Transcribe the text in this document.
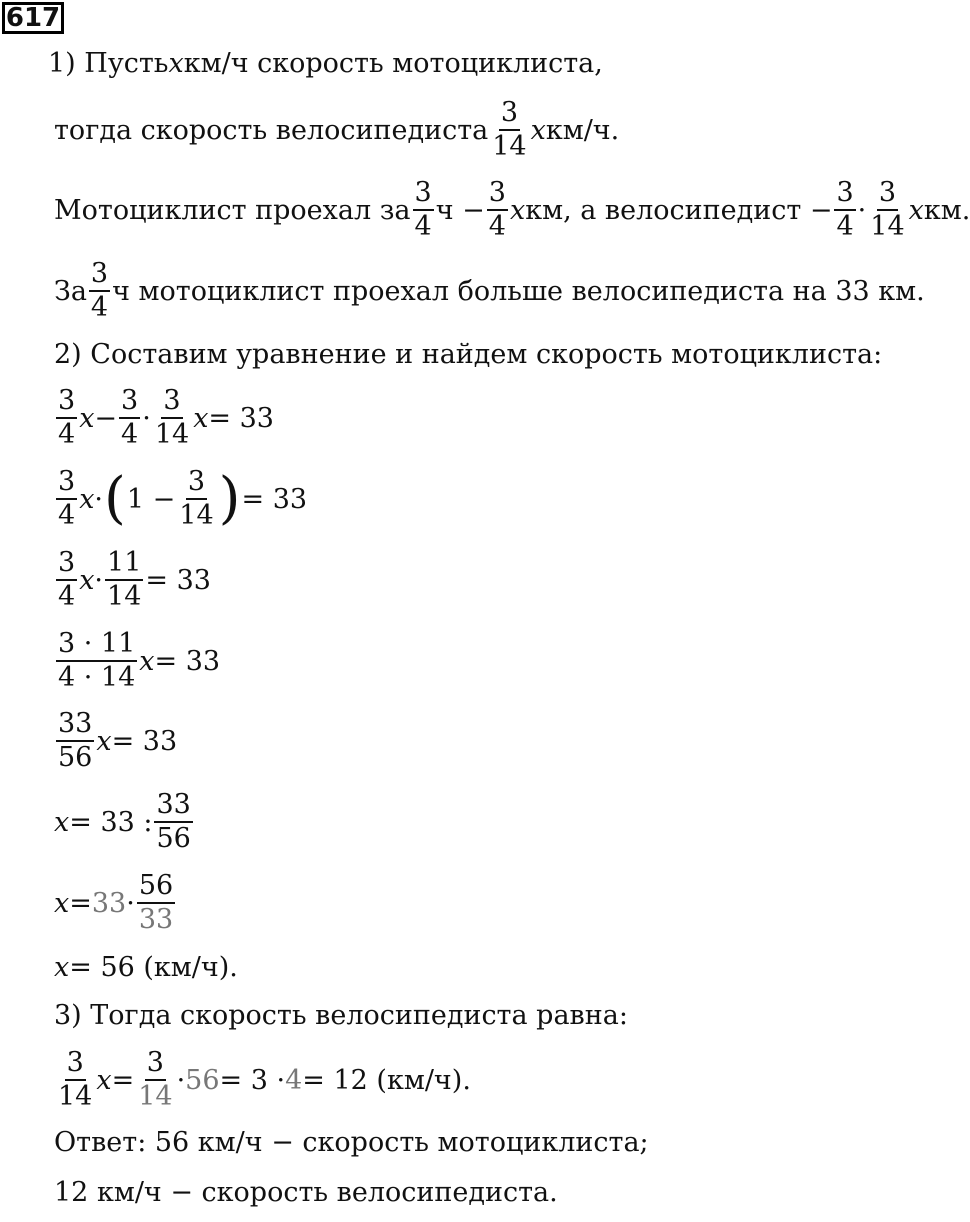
617
1) Пусть x км/ч скорость мотоциклиста,
тогда скорость велосипедиста $\frac{3}{14}$ x км/ч.
Мотоциклист проехал за $\frac{3}{4}$ $ч - \frac{3}{4}$ x км, а велосипедист − $\frac{3}{4} \cdot \frac{3}{14}$ x км.
За $\frac{3}{4}$ ч мотоциклист проехал больше велосипедиста на 33 км.
2) Составим уравнение и найдем скорость мотоциклиста:
$\frac{3}{4}$ $x - \frac{3}{4} \cdot \frac{3}{14}$ x = 33
$\frac{3}{4}$ x · ( $1 - \frac{3}{14}$ ) = 33
$\frac{3}{4}$ $x \cdot \frac{11}{14} = 33$
$\frac{3 \cdot 11}{4 \cdot 14}$ x = 33
$\frac{33}{56}$ x = 33
x = 33 : $\frac{33}{56}$
$x = 33 \cdot \frac{56}{33}$
x = 56 (км/ч).
3) Тогда скорость велосипедиста равна:
$\frac{3}{14}$ $x = \frac{3}{14} \cdot 56 = 3 \cdot 4 = 12$ (км/ч).
Ответ: 56 км/ч − скорость мотоциклиста;
12 км/ч − скорость велосипедиста.
